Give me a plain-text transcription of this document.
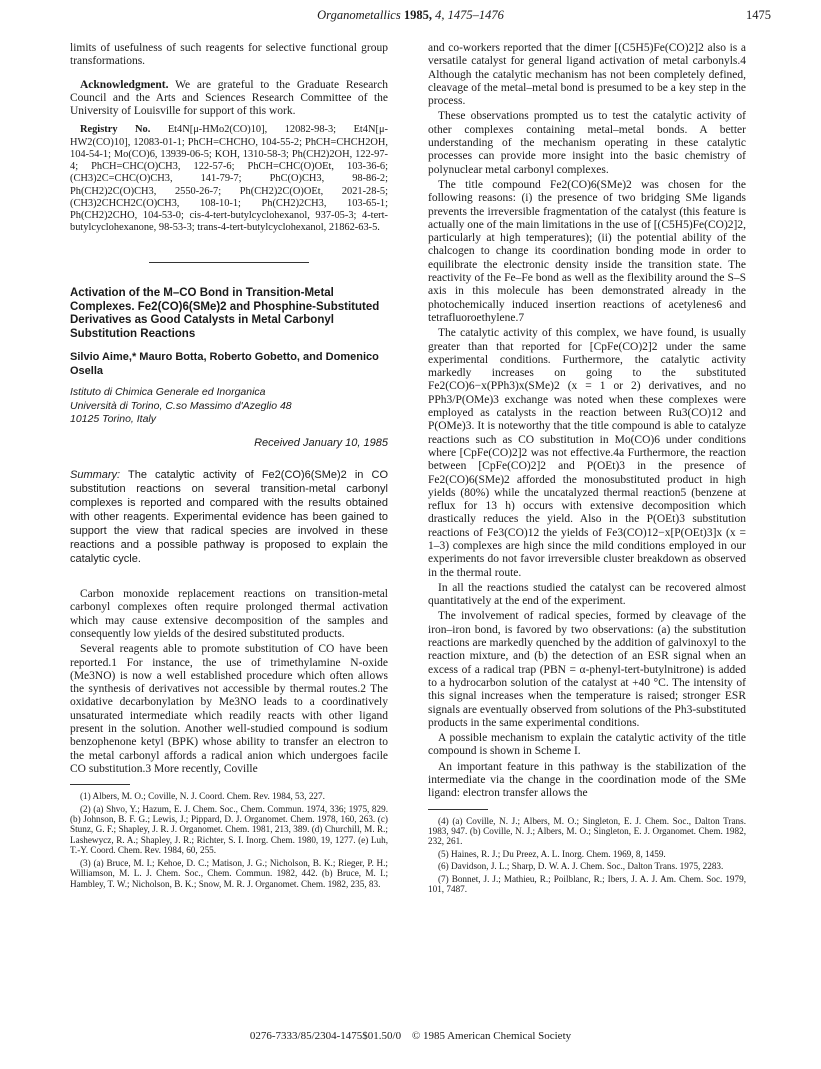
Organometallics 1985, 4, 1475–1476	1475

limits of usefulness of such reagents for selective functional group transformations.

Acknowledgment. We are grateful to the Graduate Research Council and the Arts and Sciences Research Committee of the University of Louisville for support of this work.

Registry No. Et4N[μ-HMo2(CO)10], 12082-98-3; Et4N[μ-HW2(CO)10], 12083-01-1; PhCH=CHCHO, 104-55-2; PhCH=CHCH2OH, 104-54-1; Mo(CO)6, 13939-06-5; KOH, 1310-58-3; Ph(CH2)2OH, 122-97-4; PhCH=CHC(O)CH3, 122-57-6; PhCH=CHC(O)OEt, 103-36-6; (CH3)2C=CHC(O)CH3, 141-79-7; PhC(O)CH3, 98-86-2; Ph(CH2)2C(O)CH3, 2550-26-7; Ph(CH2)2C(O)OEt, 2021-28-5; (CH3)2CHCH2C(O)CH3, 108-10-1; Ph(CH2)2CH3, 103-65-1; Ph(CH2)2CHO, 104-53-0; cis-4-tert-butylcyclohexanol, 937-05-3; 4-tert-butylcyclohexanone, 98-53-3; trans-4-tert-butylcyclohexanol, 21862-63-5.

Activation of the M–CO Bond in Transition-Metal Complexes. Fe2(CO)6(SMe)2 and Phosphine-Substituted Derivatives as Good Catalysts in Metal Carbonyl Substitution Reactions
Silvio Aime,* Mauro Botta, Roberto Gobetto, and Domenico Osella
Istituto di Chimica Generale ed Inorganica
Università di Torino, C.so Massimo d'Azeglio 48
10125 Torino, Italy
Received January 10, 1985
Summary: The catalytic activity of Fe2(CO)6(SMe)2 in CO substitution reactions on several transition-metal carbonyl complexes is reported and compared with the results obtained with other reagents. Experimental evidence has been gained to support the view that radical species are involved in these reactions and a possible pathway is proposed to explain the catalytic cycle.

Carbon monoxide replacement reactions on transition-metal carbonyl complexes often require prolonged thermal activation which may cause extensive decomposition of the samples and consequently low yields of the desired substituted products.

Several reagents able to promote substitution of CO have been reported.1 For instance, the use of trimethylamine N-oxide (Me3NO) is now a well established procedure which often allows the synthesis of derivatives not accessible by thermal routes.2 The oxidative decarbonylation by Me3NO leads to a coordinatively unsaturated intermediate which readily reacts with other ligand present in the solution. Another well-studied compound is sodium benzophenone ketyl (BPK) whose ability to transfer an electron to the metal carbonyl affords a radical anion which undergoes facile CO substitution.3 More recently, Coville

(1) Albers, M. O.; Coville, N. J. Coord. Chem. Rev. 1984, 53, 227.

(2) (a) Shvo, Y.; Hazum, E. J. Chem. Soc., Chem. Commun. 1974, 336; 1975, 829. (b) Johnson, B. F. G.; Lewis, J.; Pippard, D. J. Organomet. Chem. 1978, 160, 263. (c) Stunz, G. F.; Shapley, J. R. J. Organomet. Chem. 1981, 213, 389. (d) Churchill, M. R.; Lashewycz, R. A.; Shapley, J. R.; Richter, S. I. Inorg. Chem. 1980, 19, 1277. (e) Luh, T.-Y. Coord. Chem. Rev. 1984, 60, 255.

(3) (a) Bruce, M. I.; Kehoe, D. C.; Matison, J. G.; Nicholson, B. K.; Rieger, P. H.; Williamson, M. L. J. Chem. Soc., Chem. Commun. 1982, 442. (b) Bruce, M. I.; Hambley, T. W.; Nicholson, B. K.; Snow, M. R. J. Organomet. Chem. 1982, 235, 83.

and co-workers reported that the dimer [(C5H5)Fe(CO)2]2 also is a versatile catalyst for general ligand activation of metal carbonyls.4 Although the catalytic mechanism has not been completely defined, cleavage of the metal–metal bond is presumed to be a key step in the process.

These observations prompted us to test the catalytic activity of other complexes containing metal–metal bonds. A better understanding of the mechanism operating in these catalytic processes can provide more insight into the basic chemistry of polynuclear metal carbonyl complexes.

The title compound Fe2(CO)6(SMe)2 was chosen for the following reasons: (i) the presence of two bridging SMe ligands prevents the irreversible fragmentation of the catalyst (this feature is actually one of the main limitations in the use of [(C5H5)Fe(CO)2]2, particularly at high temperatures); (ii) the potential ability of the chalcogen to change its coordination bonding mode in order to equilibrate the electronic density inside the transition state. The reactivity of the Fe–Fe bond as well as the flexibility around the S–S axis in this molecule has been demonstrated already in the photochemically induced insertion reactions of acetylenes6 and tetrafluoroethylene.7

The catalytic activity of this complex, we have found, is usually greater than that reported for [CpFe(CO)2]2 under the same experimental conditions. Furthermore, the catalytic activity markedly increases on going to the substituted Fe2(CO)6−x(PPh3)x(SMe)2 (x = 1 or 2) derivatives, and no PPh3/P(OMe)3 exchange was noted when these complexes were employed as catalysts in the reaction between Ru3(CO)12 and P(OMe)3. It is noteworthy that the title compound is able to catalyze reactions such as CO substitution in Mo(CO)6 under conditions where [CpFe(CO)2]2 was not effective.4a Furthermore, the reaction between [CpFe(CO)2]2 and P(OEt)3 in the presence of Fe2(CO)6(SMe)2 afforded the monosubstituted product in high yields (80%) while the uncatalyzed thermal reaction5 (benzene at reflux for 13 h) occurs with extensive decomposition which drastically reduces the yield. Also in the P(OEt)3 substitution reactions of Fe3(CO)12 the yields of Fe3(CO)12−x[P(OEt)3]x (x = 1–3) complexes are high since the mild conditions employed in our experiments do not favor irreversible cluster breakdown as observed in the thermal route.

In all the reactions studied the catalyst can be recovered almost quantitatively at the end of the experiment.

The involvement of radical species, formed by cleavage of the iron–iron bond, is favored by two observations: (a) the substitution reactions are markedly quenched by the addition of galvinoxyl to the reaction mixture, and (b) the detection of an ESR signal when an excess of a radical trap (PBN = α-phenyl-tert-butylnitrone) is added to a hydrocarbon solution of the catalyst at +40 °C. The intensity of this signal increases when the temperature is raised; stronger ESR signals are eventually observed from solutions of the Ph3-substituted products in the same experimental conditions.

A possible mechanism to explain the catalytic activity of the title compound is shown in Scheme I.

An important feature in this pathway is the stabilization of the intermediate via the change in the coordination mode of the SMe ligand: electron transfer allows the

(4) (a) Coville, N. J.; Albers, M. O.; Singleton, E. J. Chem. Soc., Dalton Trans. 1983, 947. (b) Coville, N. J.; Albers, M. O.; Singleton, E. J. Organomet. Chem. 1982, 232, 261.

(5) Haines, R. J.; Du Preez, A. L. Inorg. Chem. 1969, 8, 1459.

(6) Davidson, J. L.; Sharp, D. W. A. J. Chem. Soc., Dalton Trans. 1975, 2283.

(7) Bonnet, J. J.; Mathieu, R.; Poilblanc, R.; Ibers, J. A. J. Am. Chem. Soc. 1979, 101, 7487.

0276-7333/85/2304-1475$01.50/0 © 1985 American Chemical Society
